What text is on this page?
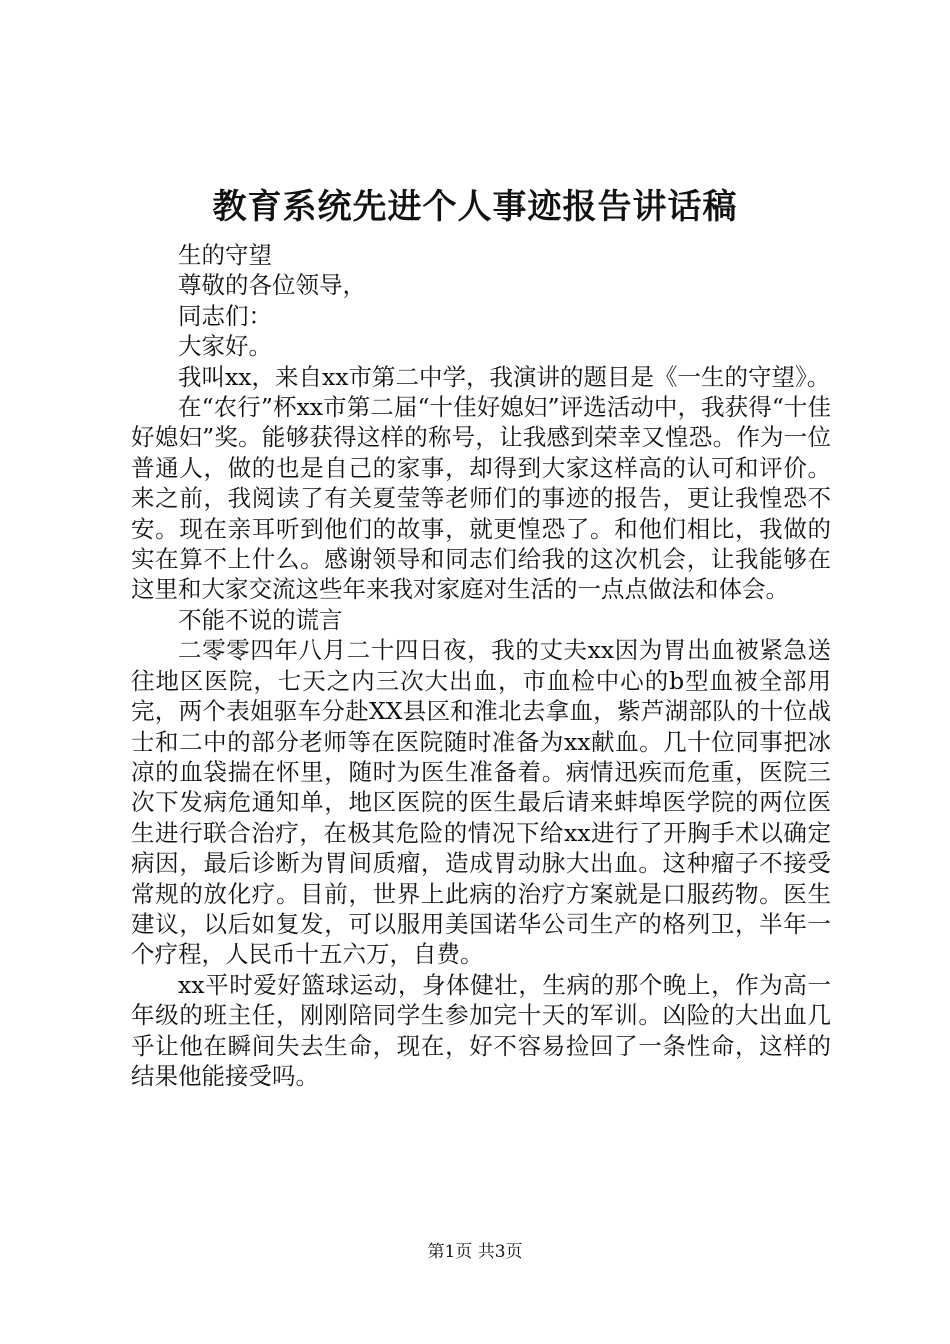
教育系统先进个人事迹报告讲话稿

生的守望

尊敬的各位领导，

同志们：

大家好。

我叫xx，来自xx市第二中学，我演讲的题目是《一生的守望》。

在“农行”杯xx市第二届“十佳好媳妇”评选活动中，我获得“十佳好媳妇”奖。能够获得这样的称号，让我感到荣幸又惶恐。作为一位普通人，做的也是自己的家事，却得到大家这样高的认可和评价。来之前，我阅读了有关夏莹等老师们的事迹的报告，更让我惶恐不安。现在亲耳听到他们的故事，就更惶恐了。和他们相比，我做的实在算不上什么。感谢领导和同志们给我的这次机会，让我能够在这里和大家交流这些年来我对家庭对生活的一点点做法和体会。

不能不说的谎言

二零零四年八月二十四日夜，我的丈夫xx因为胃出血被紧急送往地区医院，七天之内三次大出血，市血检中心的b型血被全部用完，两个表姐驱车分赴XX县区和淮北去拿血，紫芦湖部队的十位战士和二中的部分老师等在医院随时准备为xx献血。几十位同事把冰凉的血袋揣在怀里，随时为医生准备着。病情迅疾而危重，医院三次下发病危通知单，地区医院的医生最后请来蚌埠医学院的两位医生进行联合治疗，在极其危险的情况下给xx进行了开胸手术以确定病因，最后诊断为胃间质瘤，造成胃动脉大出血。这种瘤子不接受常规的放化疗。目前，世界上此病的治疗方案就是口服药物。医生建议，以后如复发，可以服用美国诺华公司生产的格列卫，半年一个疗程，人民币十五六万，自费。

xx平时爱好篮球运动，身体健壮，生病的那个晚上，作为高一年级的班主任，刚刚陪同学生参加完十天的军训。凶险的大出血几乎让他在瞬间失去生命，现在，好不容易捡回了一条性命，这样的结果他能接受吗。

第1页 共3页
